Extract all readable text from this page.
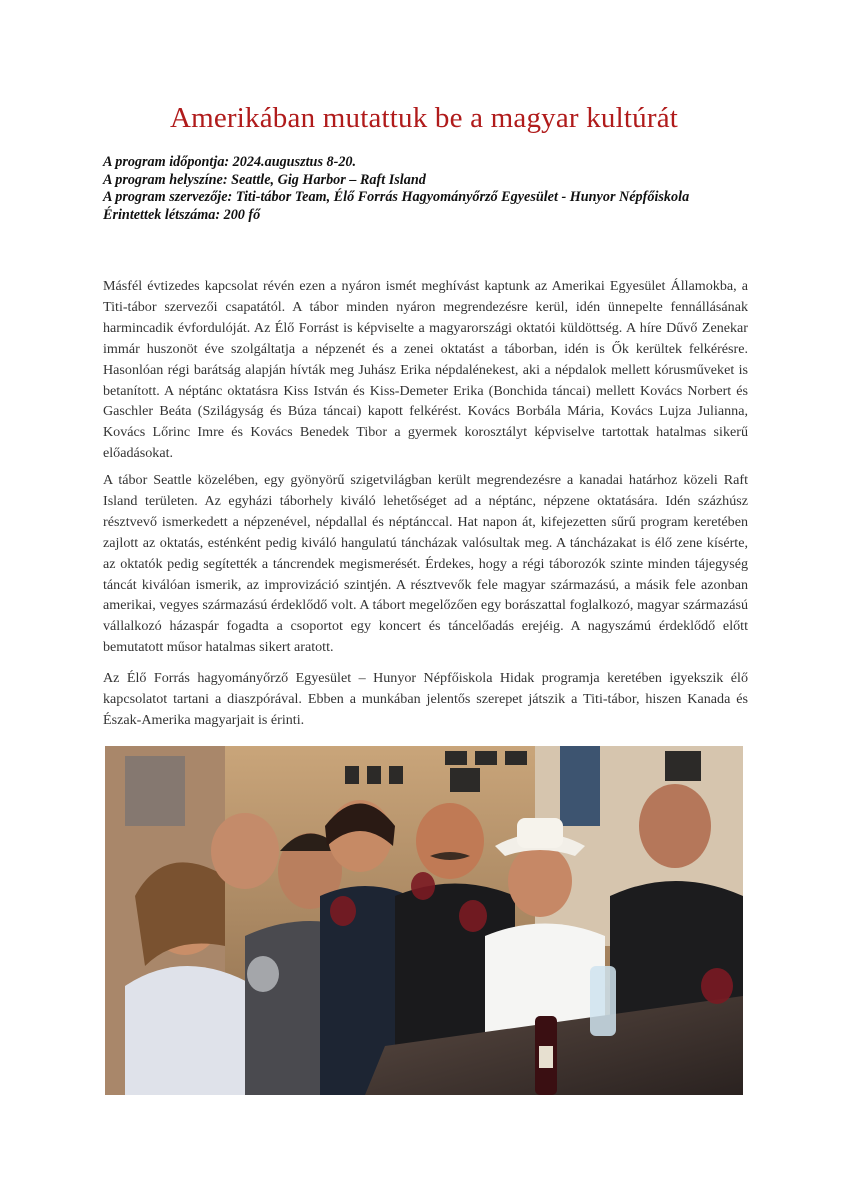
Amerikában mutattuk be a magyar kultúrát
A program időpontja: 2024.augusztus 8-20.
A program helyszíne: Seattle, Gig Harbor – Raft Island
A program szervezője: Titi-tábor Team, Élő Forrás Hagyományőrző Egyesület - Hunyor Népfőiskola
Érintettek létszáma: 200 fő

Másfél évtizedes kapcsolat révén ezen a nyáron ismét meghívást kaptunk az Amerikai Egyesület Államokba, a Titi-tábor szervezői csapatától. A tábor minden nyáron megrendezésre kerül, idén ünnepelte fennállásának harmincadik évfordulóját. Az Élő Forrást is képviselte a magyarországi oktatói küldöttség. A híre Dűvő Zenekar immár huszonöt éve szolgáltatja a népzenét és a zenei oktatást a táborban, idén is Ők kerültek felkérésre. Hasonlóan régi barátság alapján hívták meg Juhász Erika népdalénekest, aki a népdalok mellett kórusműveket is betanított. A néptánc oktatásra Kiss István és Kiss-Demeter Erika (Bonchida táncai) mellett Kovács Norbert és Gaschler Beáta (Szilágyság és Búza táncai) kapott felkérést. Kovács Borbála Mária, Kovács Lujza Julianna, Kovács Lőrinc Imre és Kovács Benedek Tibor a gyermek korosztályt képviselve tartottak hatalmas sikerű előadásokat.

A tábor Seattle közelében, egy gyönyörű szigetvilágban került megrendezésre a kanadai határhoz közeli Raft Island területen. Az egyházi táborhely kiváló lehetőséget ad a néptánc, népzene oktatására. Idén százhúsz résztvevő ismerkedett a népzenével, népdallal és néptánccal. Hat napon át, kifejezetten sűrű program keretében zajlott az oktatás, esténként pedig kiváló hangulatú táncházak valósultak meg. A táncházakat is élő zene kísérte, az oktatók pedig segítették a táncrendek megismerését. Érdekes, hogy a régi táborozók szinte minden tájegység táncát kiválóan ismerik, az improvizáció szintjén. A résztvevők fele magyar származású, a másik fele azonban amerikai, vegyes származású érdeklődő volt. A tábort megelőzően egy borászattal foglalkozó, magyar származású vállalkozó házaspár fogadta a csoportot egy koncert és táncelőadás erejéig. A nagyszámú érdeklődő előtt bemutatott műsor hatalmas sikert aratott.

Az Élő Forrás hagyományőrző Egyesület – Hunyor Népfőiskola Hidak programja keretében igyekszik élő kapcsolatot tartani a diaszpórával. Ebben a munkában jelentős szerepet játszik a Titi-tábor, hiszen Kanada és Észak-Amerika magyarjait is érinti.
